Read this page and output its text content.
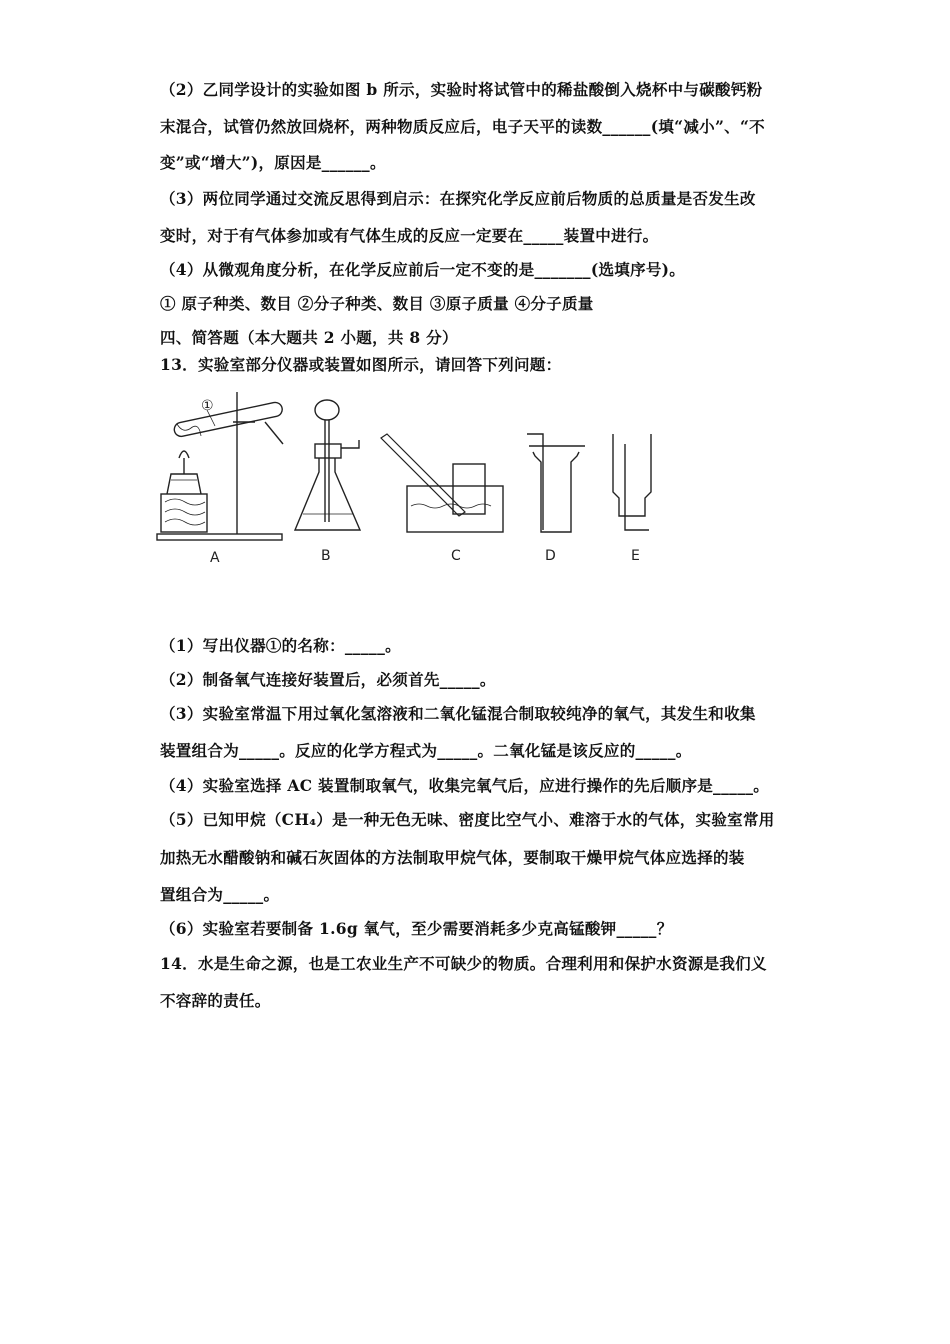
（2）乙同学设计的实验如图 b 所示，实验时将试管中的稀盐酸倒入烧杯中与碳酸钙粉
末混合，试管仍然放回烧杯，两种物质反应后，电子天平的读数______(填“减小”、“不
变”或“增大”)，原因是______。
（3）两位同学通过交流反思得到启示：在探究化学反应前后物质的总质量是否发生改
变时，对于有气体参加或有气体生成的反应一定要在_____装置中进行。
（4）从微观角度分析，在化学反应前后一定不变的是_______(选填序号)。
① 原子种类、数目 ②分子种类、数目 ③原子质量 ④分子质量
四、简答题（本大题共 2 小题，共 8 分）
13．实验室部分仪器或装置如图所示，请回答下列问题：
（1）写出仪器①的名称：_____。
（2）制备氧气连接好装置后，必须首先_____。
（3）实验室常温下用过氧化氢溶液和二氧化锰混合制取较纯净的氧气，其发生和收集
装置组合为_____。反应的化学方程式为_____。二氧化锰是该反应的_____。
（4）实验室选择 AC 装置制取氧气，收集完氧气后，应进行操作的先后顺序是_____。
（5）已知甲烷（CH₄）是一种无色无味、密度比空气小、难溶于水的气体，实验室常用
加热无水醋酸钠和碱石灰固体的方法制取甲烷气体，要制取干燥甲烷气体应选择的装
置组合为_____。
（6）实验室若要制备 1.6g 氧气，至少需要消耗多少克高锰酸钾_____？
14．水是生命之源，也是工农业生产不可缺少的物质。合理利用和保护水资源是我们义
不容辞的责任。
①
A	B	C	D	E
